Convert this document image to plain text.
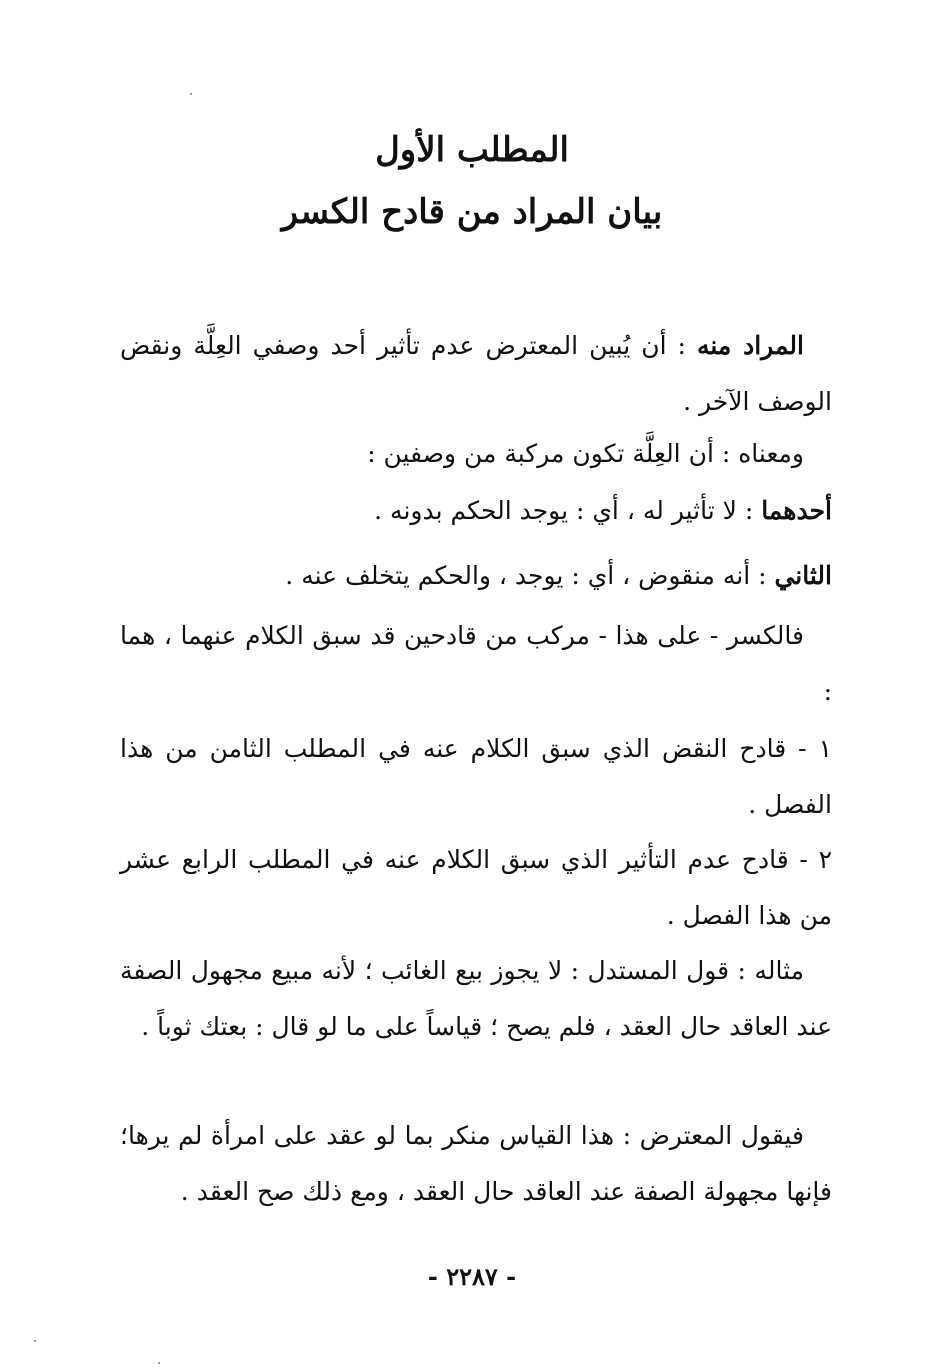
المطلب الأول
بيان المراد من قادح الكسر

المراد منه : أن يُبين المعترض عدم تأثير أحد وصفي العِلَّة ونقض الوصف الآخر .

ومعناه : أن العِلَّة تكون مركبة من وصفين :

أحدهما : لا تأثير له ، أي : يوجد الحكم بدونه .

الثاني : أنه منقوض ، أي : يوجد ، والحكم يتخلف عنه .

فالكسر - على هذا - مركب من قادحين قد سبق الكلام عنهما ، هما :

١ - قادح النقض الذي سبق الكلام عنه في المطلب الثامن من هذا الفصل .

٢ - قادح عدم التأثير الذي سبق الكلام عنه في المطلب الرابع عشر من هذا الفصل .

مثاله : قول المستدل : لا يجوز بيع الغائب ؛ لأنه مبيع مجهول الصفة عند العاقد حال العقد ، فلم يصح ؛ قياساً على ما لو قال : بعتك ثوباً .

فيقول المعترض : هذا القياس منكر بما لو عقد على امرأة لم يرها؛ فإنها مجهولة الصفة عند العاقد حال العقد ، ومع ذلك صح العقد .

- ٢٢٨٧ -
